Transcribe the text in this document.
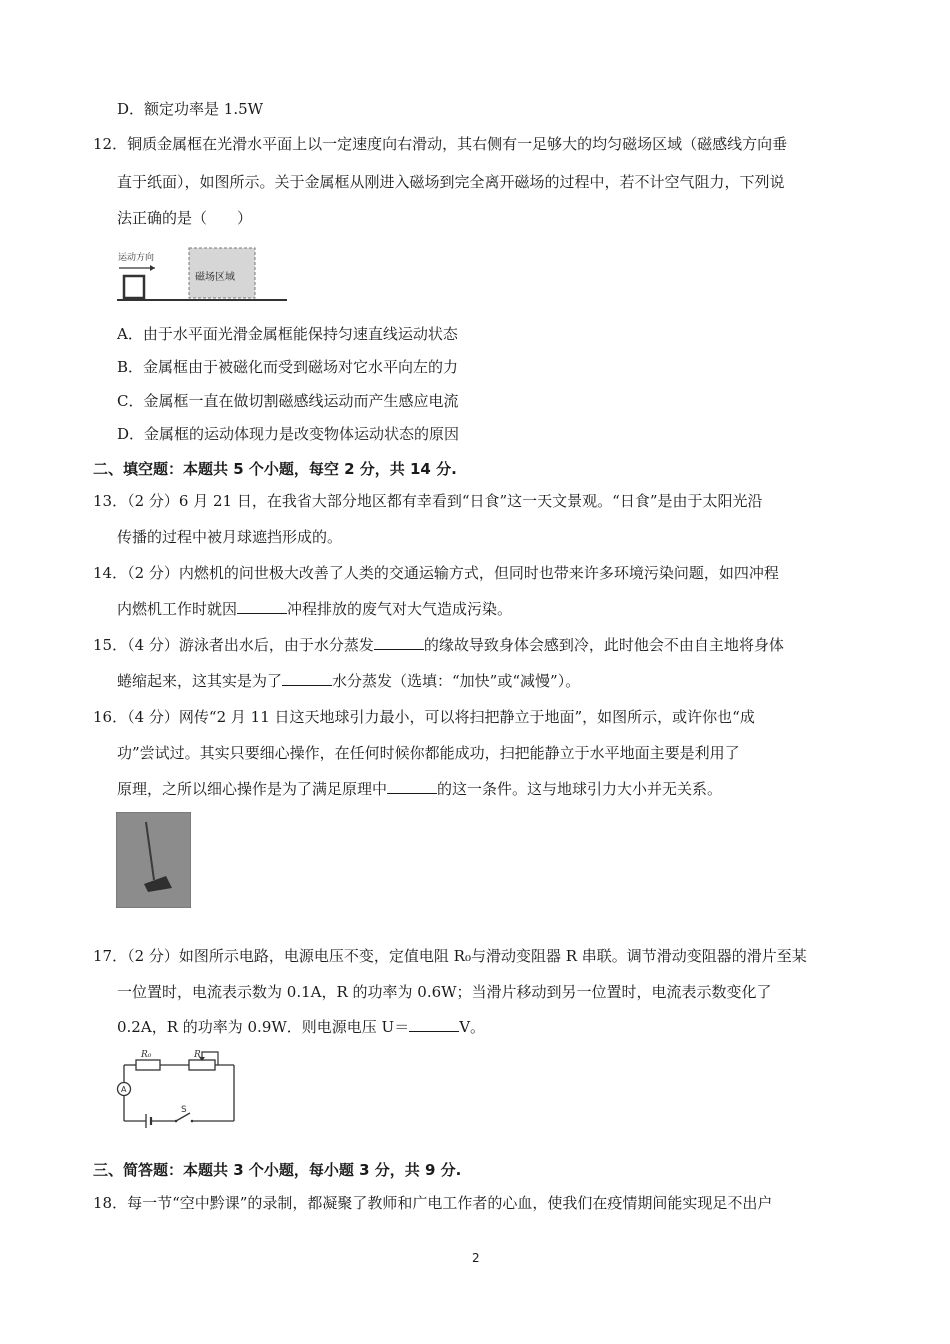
D．额定功率是 1.5W
12．铜质金属框在光滑水平面上以一定速度向右滑动，其右侧有一足够大的均匀磁场区域（磁感线方向垂
直于纸面），如图所示。关于金属框从刚进入磁场到完全离开磁场的过程中，若不计空气阻力，下列说
法正确的是（　　）
运动方向
磁场区域
A．由于水平面光滑金属框能保持匀速直线运动状态
B．金属框由于被磁化而受到磁场对它水平向左的力
C．金属框一直在做切割磁感线运动而产生感应电流
D．金属框的运动体现力是改变物体运动状态的原因
二、填空题：本题共 5 个小题，每空 2 分，共 14 分.
13．（2 分）6 月 21 日，在我省大部分地区都有幸看到“日食”这一天文景观。“日食”是由于太阳光沿
传播的过程中被月球遮挡形成的。
14．（2 分）内燃机的问世极大改善了人类的交通运输方式，但同时也带来许多环境污染问题，如四冲程
内燃机工作时就因	冲程排放的废气对大气造成污染。
15．（4 分）游泳者出水后，由于水分蒸发	的缘故导致身体会感到冷，此时他会不由自主地将身体
蜷缩起来，这其实是为了	水分蒸发（选填：“加快”或“减慢”）。
16．（4 分）网传“2 月 11 日这天地球引力最小，可以将扫把静立于地面”，如图所示，或许你也“成
功”尝试过。其实只要细心操作，在任何时候你都能成功，扫把能静立于水平地面主要是利用了
原理，之所以细心操作是为了满足原理中	的这一条件。这与地球引力大小并无关系。
17．（2 分）如图所示电路，电源电压不变，定值电阻 R₀与滑动变阻器 R 串联。调节滑动变阻器的滑片至某
一位置时，电流表示数为 0.1A，R 的功率为 0.6W；当滑片移动到另一位置时，电流表示数变化了
0.2A，R 的功率为 0.9W．则电源电压 U＝	V。
R₀	R
A
S
三、简答题：本题共 3 个小题，每小题 3 分，共 9 分.
18．每一节“空中黔课”的录制，都凝聚了教师和广电工作者的心血，使我们在疫情期间能实现足不出户
2
